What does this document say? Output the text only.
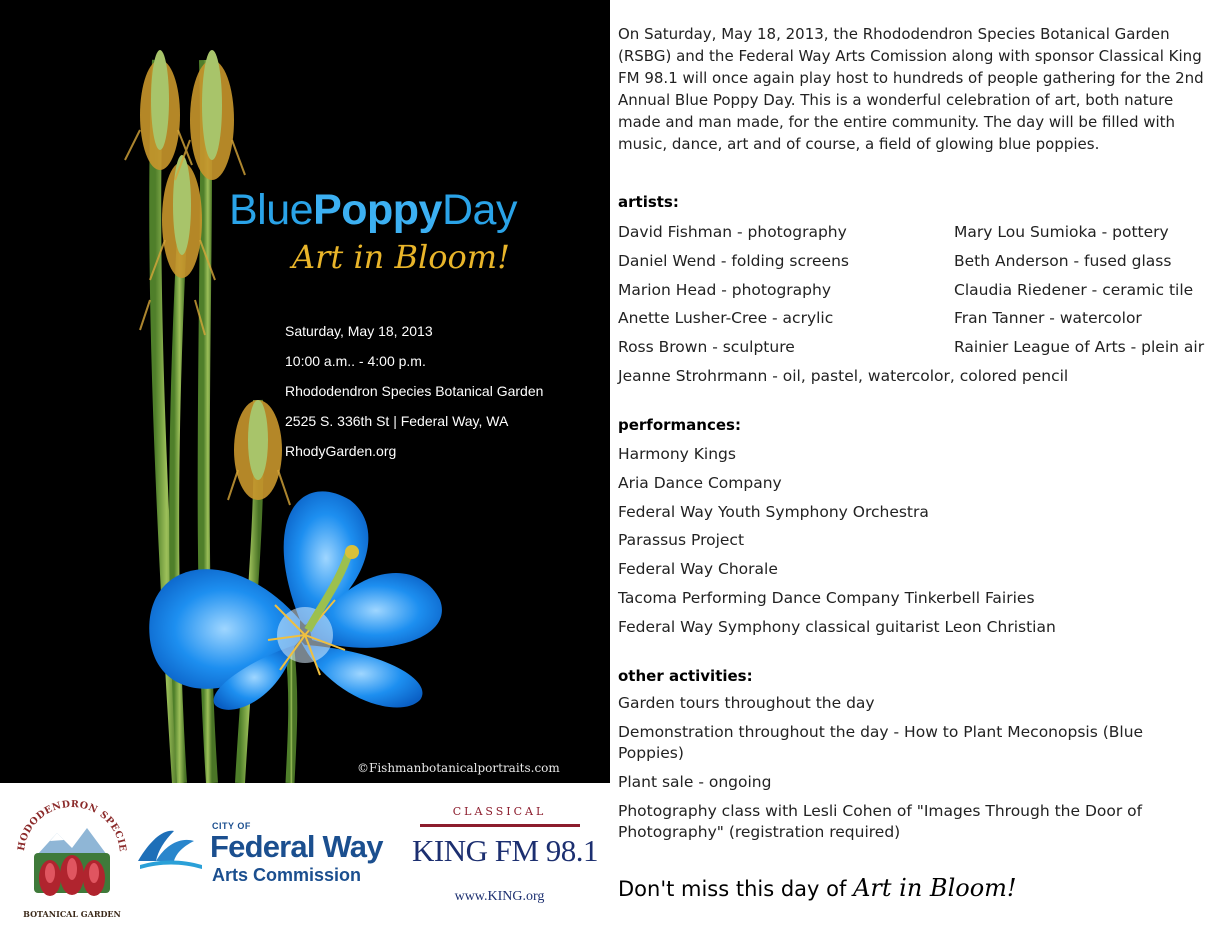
BluePoppyDay
Art in Bloom!
Saturday, May 18, 2013
10:00 a.m.. - 4:00 p.m.
Rhododendron Species Botanical Garden
2525 S. 336th St | Federal Way, WA
RhodyGarden.org
©Fishmanbotanicalportraits.com
HODODENDRON SPECIE
BOTANICAL GARDEN
CITY OF
Federal Way
Arts Commission
CLASSICAL
KING FM 98.1
www.KING.org

On Saturday, May 18, 2013, the Rhododendron Species Botanical Garden (RSBG) and the Federal Way Arts Comission along with sponsor Classical King FM 98.1 will once again play host to hundreds of people gathering for the 2nd Annual Blue Poppy Day. This is a wonderful celebration of art, both nature made and man made, for the entire community. The day will be filled with music, dance, art and of course, a field of glowing blue poppies.

artists:
David Fishman - photography
Daniel Wend - folding screens
Marion Head - photography
Anette Lusher-Cree - acrylic
Ross Brown - sculpture
Jeanne Strohrmann - oil, pastel, watercolor, colored pencil
Mary Lou Sumioka - pottery
Beth Anderson - fused glass
Claudia Riedener - ceramic tile
Fran Tanner - watercolor
Rainier League of Arts - plein air
performances:
Harmony Kings
Aria Dance Company
Federal Way Youth Symphony Orchestra
Parassus Project
Federal Way Chorale
Tacoma Performing Dance Company Tinkerbell Fairies
Federal Way Symphony classical guitarist Leon Christian
other activities:
Garden tours throughout the day
Demonstration throughout the day - How to Plant Meconopsis (Blue Poppies)
Plant sale - ongoing
Photography class with Lesli Cohen of "Images Through the Door of Photography" (registration required)
Don't miss this day of Art in Bloom!
